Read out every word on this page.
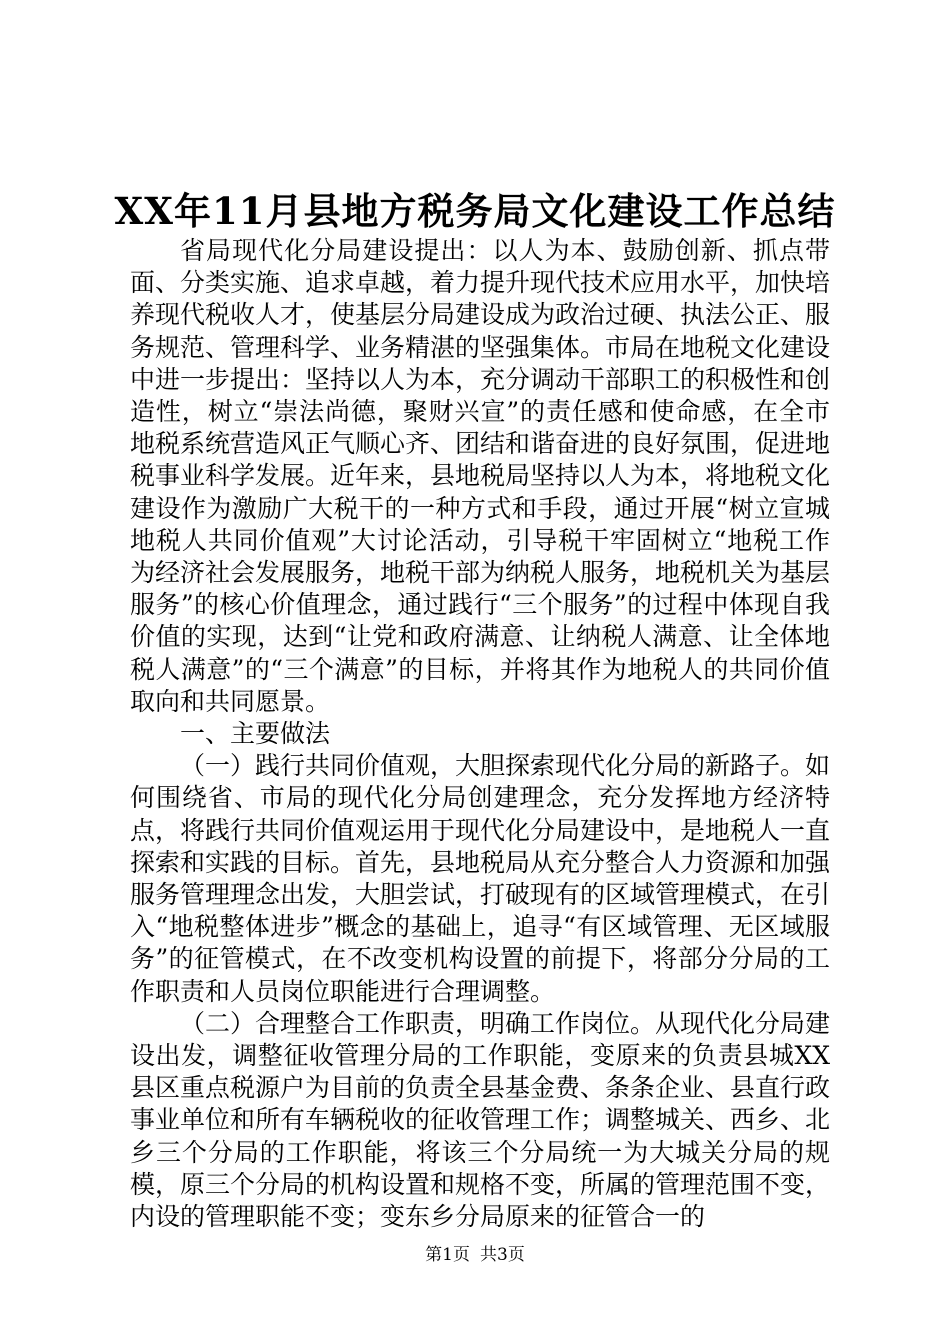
XX年11月县地方税务局文化建设工作总结

省局现代化分局建设提出：以人为本、鼓励创新、抓点带面、分类实施、追求卓越，着力提升现代技术应用水平，加快培养现代税收人才，使基层分局建设成为政治过硬、执法公正、服务规范、管理科学、业务精湛的坚强集体。市局在地税文化建设中进一步提出：坚持以人为本，充分调动干部职工的积极性和创造性，树立“崇法尚德，聚财兴宣”的责任感和使命感，在全市地税系统营造风正气顺心齐、团结和谐奋进的良好氛围，促进地税事业科学发展。近年来，县地税局坚持以人为本，将地税文化建设作为激励广大税干的一种方式和手段，通过开展“树立宣城地税人共同价值观”大讨论活动，引导税干牢固树立“地税工作为经济社会发展服务，地税干部为纳税人服务，地税机关为基层服务”的核心价值理念，通过践行“三个服务”的过程中体现自我价值的实现，达到“让党和政府满意、让纳税人满意、让全体地税人满意”的“三个满意”的目标，并将其作为地税人的共同价值取向和共同愿景。

一、主要做法

（一）践行共同价值观，大胆探索现代化分局的新路子。如何围绕省、市局的现代化分局创建理念，充分发挥地方经济特点，将践行共同价值观运用于现代化分局建设中，是地税人一直探索和实践的目标。首先，县地税局从充分整合人力资源和加强服务管理理念出发，大胆尝试，打破现有的区域管理模式，在引入“地税整体进步”概念的基础上，追寻“有区域管理、无区域服务”的征管模式，在不改变机构设置的前提下，将部分分局的工作职责和人员岗位职能进行合理调整。

（二）合理整合工作职责，明确工作岗位。从现代化分局建设出发，调整征收管理分局的工作职能，变原来的负责县城XX县区重点税源户为目前的负责全县基金费、条条企业、县直行政事业单位和所有车辆税收的征收管理工作；调整城关、西乡、北乡三个分局的工作职能，将该三个分局统一为大城关分局的规模，原三个分局的机构设置和规格不变，所属的管理范围不变，内设的管理职能不变；变东乡分局原来的征管合一的

第1页 共3页
